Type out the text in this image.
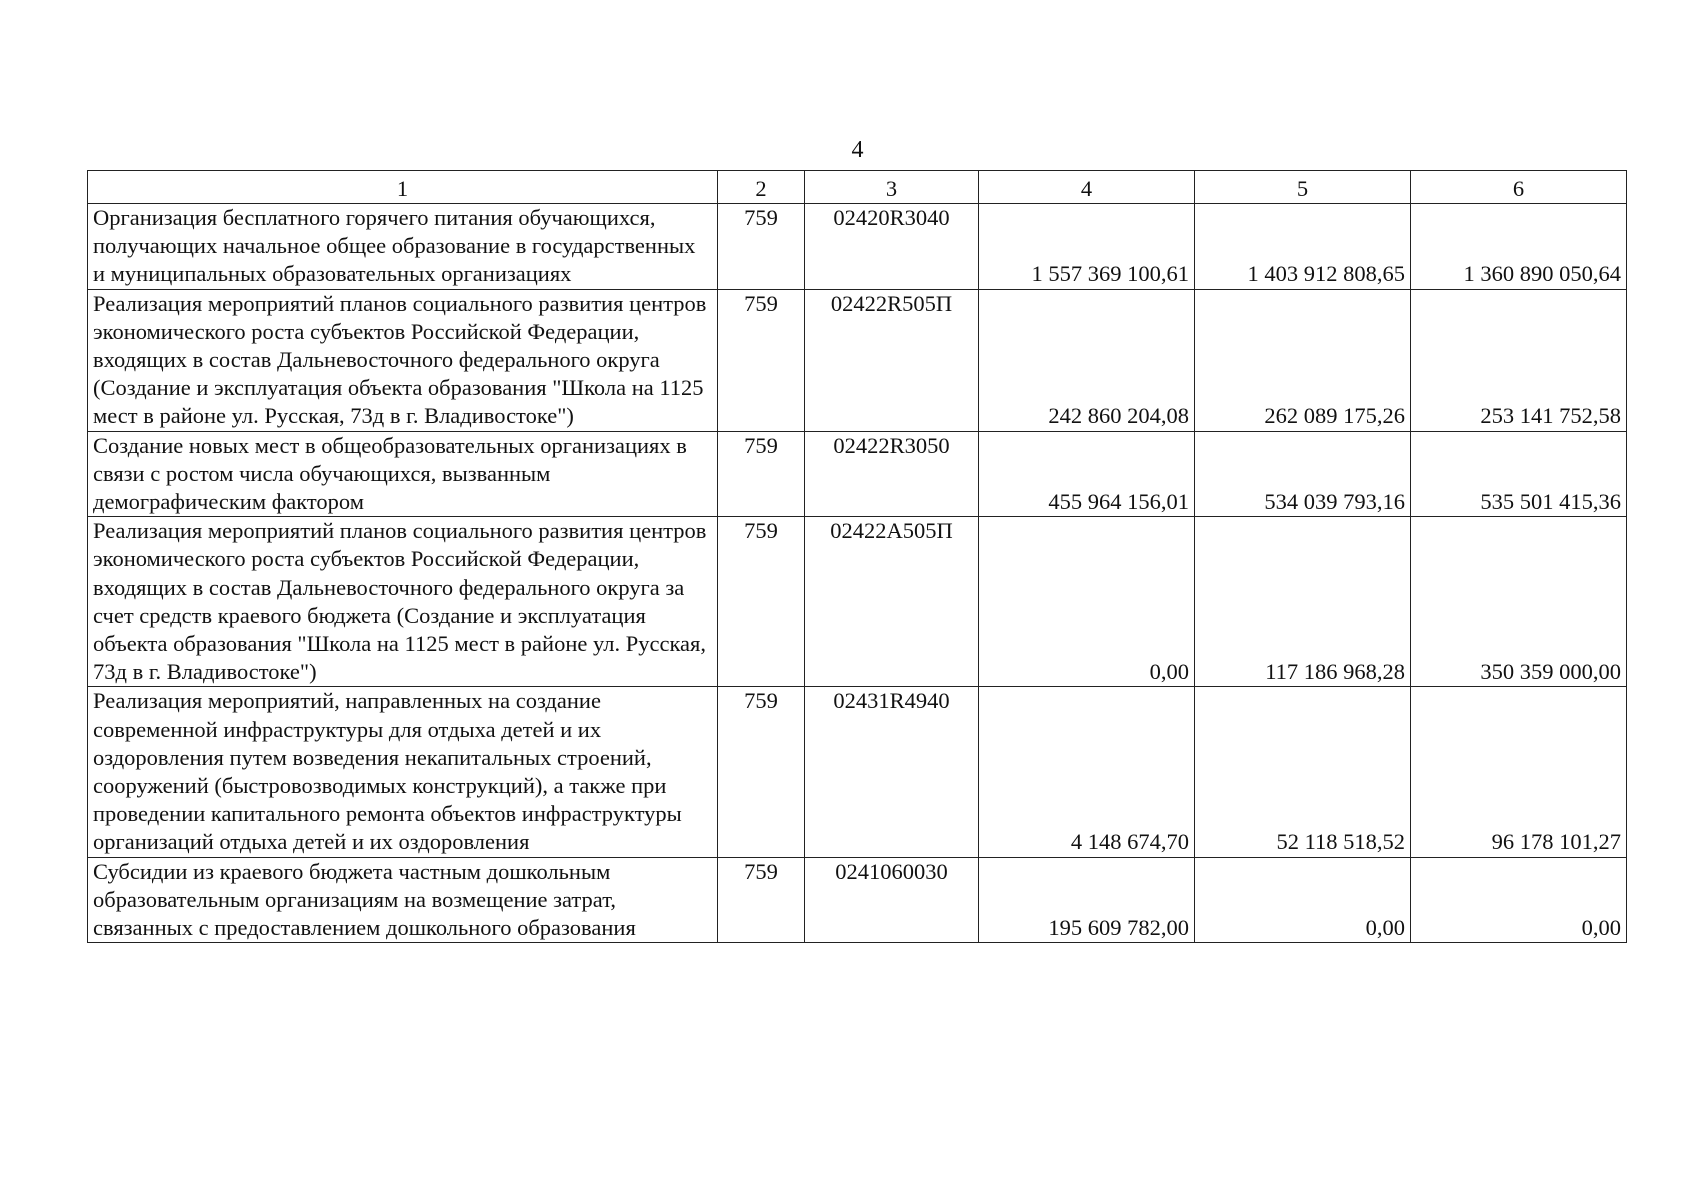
4
1	2	3	4	5	6
Организация бесплатного горячего питания обучающихся, получающих начальное общее образование в государственных и муниципальных образовательных организациях	759	02420R3040	1 557 369 100,61	1 403 912 808,65	1 360 890 050,64
Реализация мероприятий планов социального развития центров экономического роста субъектов Российской Федерации, входящих в состав Дальневосточного федерального округа (Создание и эксплуатация объекта образования "Школа на 1125 мест в районе ул. Русская, 73д в г. Владивостоке")	759	02422R505П	242 860 204,08	262 089 175,26	253 141 752,58
Создание новых мест в общеобразовательных организациях в связи с ростом числа обучающихся, вызванным демографическим фактором	759	02422R3050	455 964 156,01	534 039 793,16	535 501 415,36
Реализация мероприятий планов социального развития центров экономического роста субъектов Российской Федерации, входящих в состав Дальневосточного федерального округа за счет средств краевого бюджета (Создание и эксплуатация объекта образования "Школа на 1125 мест в районе ул. Русская, 73д в г. Владивостоке")	759	02422A505П	0,00	117 186 968,28	350 359 000,00
Реализация мероприятий, направленных на создание современной инфраструктуры для отдыха детей и их оздоровления путем возведения некапитальных строений, сооружений (быстровозводимых конструкций), а также при проведении капитального ремонта объектов инфраструктуры организаций отдыха детей и их оздоровления	759	02431R4940	4 148 674,70	52 118 518,52	96 178 101,27
Субсидии из краевого бюджета частным дошкольным образовательным организациям на возмещение затрат, связанных с предоставлением дошкольного образования	759	0241060030	195 609 782,00	0,00	0,00
